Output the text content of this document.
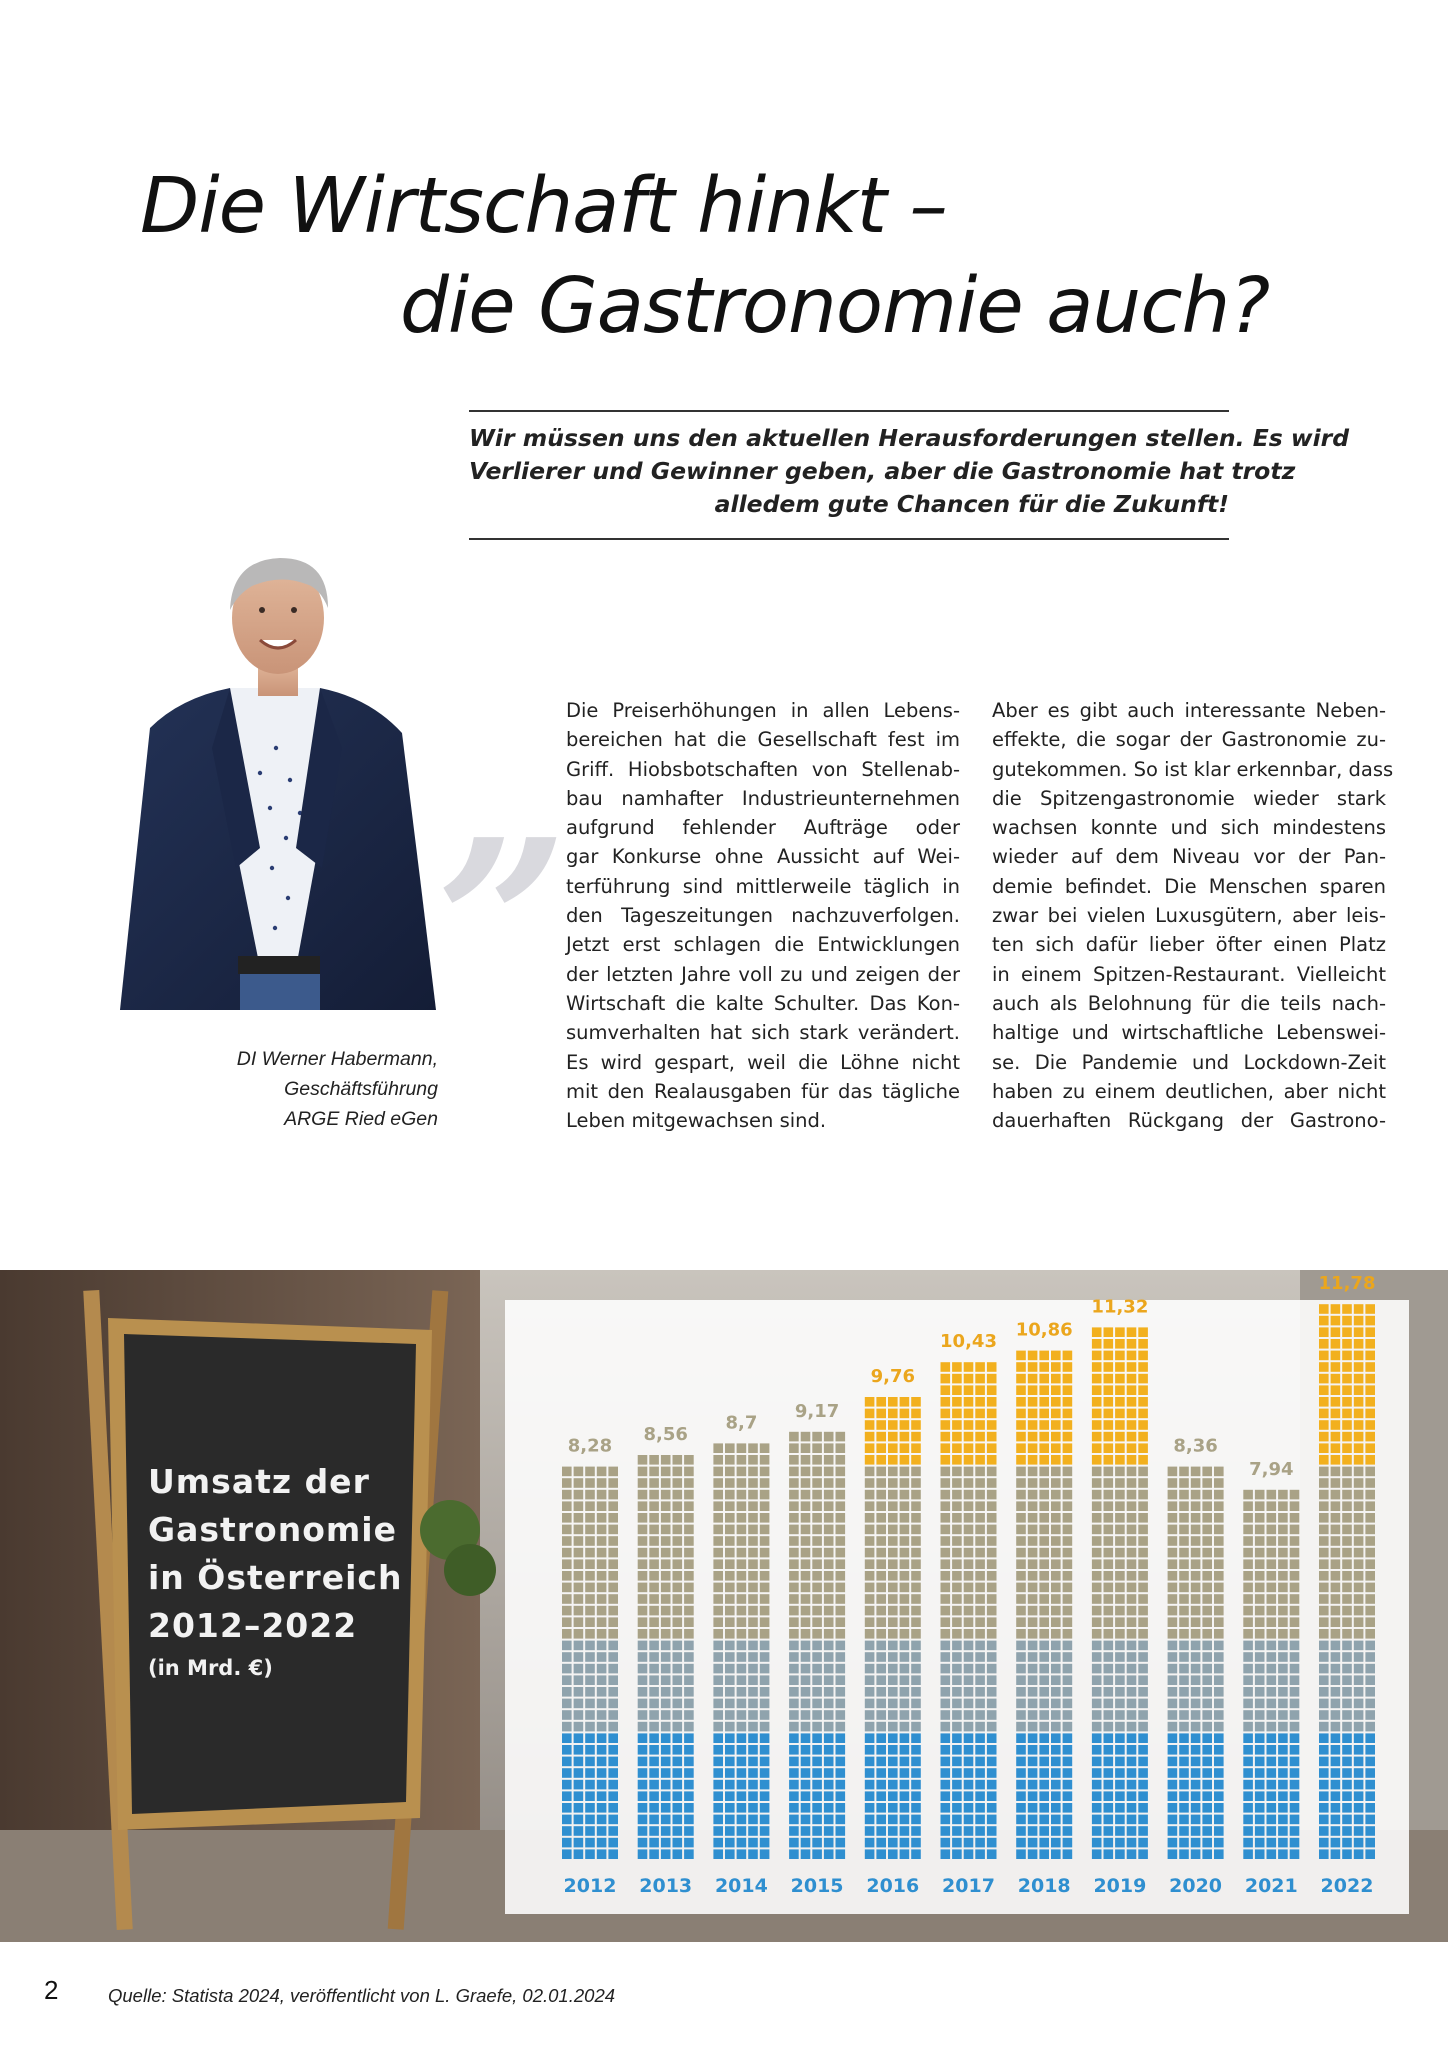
Die Wirtschaft hinkt –
die Gastronomie auch?
Wir müssen uns den aktuellen Herausforderungen stellen. Es wird
Verlierer und Gewinner geben, aber die Gastronomie hat trotz
alledem gute Chancen für die Zukunft!
DI Werner Habermann,
Geschäftsführung
ARGE Ried eGen
„
Die Preiserhöhungen in allen Lebens-
bereichen hat die Gesellschaft fest im
Griff. Hiobsbotschaften von Stellenab-
bau namhafter Industrieunternehmen
aufgrund fehlender Aufträge oder
gar Konkurse ohne Aussicht auf Wei-
terführung sind mittlerweile täglich in
den Tageszeitungen nachzuverfolgen.
Jetzt erst schlagen die Entwicklungen
der letzten Jahre voll zu und zeigen der
Wirtschaft die kalte Schulter. Das Kon-
sumverhalten hat sich stark verändert.
Es wird gespart, weil die Löhne nicht
mit den Realausgaben für das tägliche
Leben mitgewachsen sind.
Aber es gibt auch interessante Neben-
effekte, die sogar der Gastronomie zu-
gutekommen. So ist klar erkennbar, dass
die Spitzengastronomie wieder stark
wachsen konnte und sich mindestens
wieder auf dem Niveau vor der Pan-
demie befindet. Die Menschen sparen
zwar bei vielen Luxusgütern, aber leis-
ten sich dafür lieber öfter einen Platz
in einem Spitzen-Restaurant. Vielleicht
auch als Belohnung für die teils nach-
haltige und wirtschaftliche Lebenswei-
se. Die Pandemie und Lockdown-Zeit
haben zu einem deutlichen, aber nicht
dauerhaften Rückgang der Gastrono-
Umsatz der
Gastronomie
in Österreich
2012–2022
(in Mrd. €)
8,28
2012
8,56
2013
8,7
2014
9,17
2015
9,76
2016
10,43
2017
10,86
2018
11,32
2019
8,36
2020
7,94
2021
11,78
2022
2	Quelle: Statista 2024, veröffentlicht von L. Graefe, 02.01.2024
